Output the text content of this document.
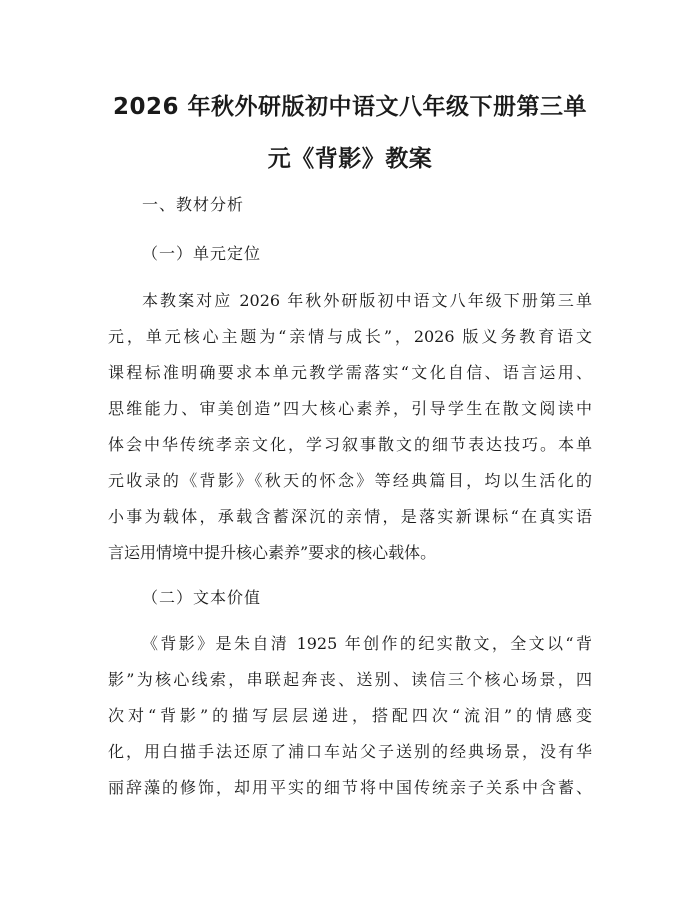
2026 年秋外研版初中语文八年级下册第三单
元《背影》教案
一、教材分析
（一）单元定位
本教案对应 2026 年秋外研版初中语文八年级下册第三单
元，单元核心主题为“亲情与成长”，2026 版义务教育语文
课程标准明确要求本单元教学需落实“文化自信、语言运用、
思维能力、审美创造”四大核心素养，引导学生在散文阅读中
体会中华传统孝亲文化，学习叙事散文的细节表达技巧。本单
元收录的《背影》《秋天的怀念》等经典篇目，均以生活化的
小事为载体，承载含蓄深沉的亲情，是落实新课标“在真实语
言运用情境中提升核心素养”要求的核心载体。
（二）文本价值
《背影》是朱自清 1925 年创作的纪实散文，全文以“背
影”为核心线索，串联起奔丧、送别、读信三个核心场景，四
次对“背影”的描写层层递进，搭配四次“流泪”的情感变
化，用白描手法还原了浦口车站父子送别的经典场景，没有华
丽辞藻的修饰，却用平实的细节将中国传统亲子关系中含蓄、
